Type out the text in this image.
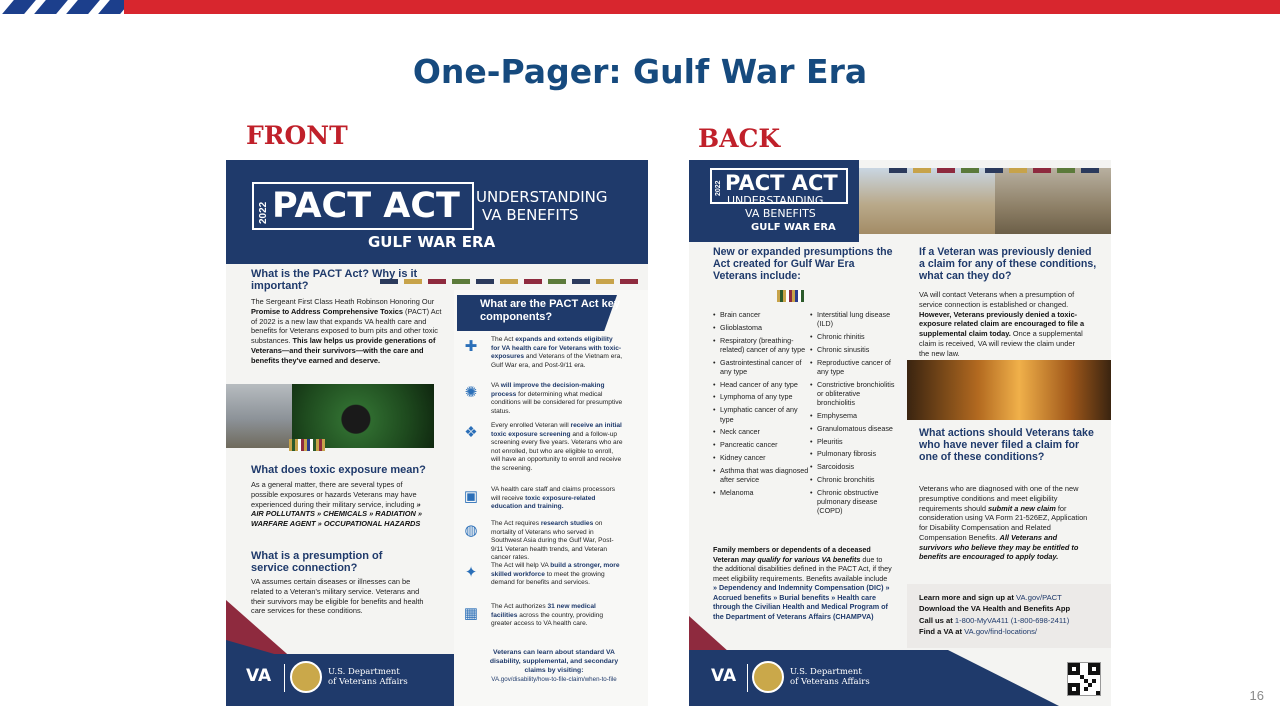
One-Pager: Gulf War Era
FRONT	BACK
2022 PACT ACT UNDERSTANDING
VA BENEFITS
GULF WAR ERA
What is the PACT Act? Why is it important?
The Sergeant First Class Heath Robinson Honoring Our Promise to Address Comprehensive Toxics (PACT) Act of 2022 is a new law that expands VA health care and benefits for Veterans exposed to burn pits and other toxic substances. This law helps us provide generations of Veterans—and their survivors—with the care and benefits they've earned and deserve.
What does toxic exposure mean?
As a general matter, there are several types of possible exposures or hazards Veterans may have experienced during their military service, including » AIR POLLUTANTS » CHEMICALS » RADIATION » WARFARE AGENT » OCCUPATIONAL HAZARDS
What is a presumption of service connection?
VA assumes certain diseases or illnesses can be related to a Veteran's military service. Veterans and their survivors may be eligible for benefits and health care services for these conditions.
What are the PACT Act key components?
✚	The Act expands and extends eligibility for VA health care for Veterans with toxic-exposures and Veterans of the Vietnam era, Gulf War era, and Post-9/11 era.
✺	VA will improve the decision-making process for determining what medical conditions will be considered for presumptive status.
❖	Every enrolled Veteran will receive an initial toxic exposure screening and a follow-up screening every five years. Veterans who are not enrolled, but who are eligible to enroll, will have an opportunity to enroll and receive the screening.
▣ VA health care staff and claims processors will receive toxic exposure-related education and training.
◍	The Act requires research studies on mortality of Veterans who served in Southwest Asia during the Gulf War, Post-9/11 Veteran health trends, and Veteran cancer rates.
✦	The Act will help VA build a stronger, more skilled workforce to meet the growing demand for benefits and services.
▦ The Act authorizes 31 new medical facilities across the country, providing greater access to VA health care.
Veterans can learn about standard VA disability, supplemental, and secondary claims by visiting:
VA.gov/disability/how-to-file-claim/when-to-file
VA	U.S. Department of Veterans Affairs
2022 PACT ACT
UNDERSTANDING
VA BENEFITS
GULF WAR ERA
New or expanded presumptions the Act created for Gulf War Era Veterans include:
• Brain cancer
• Glioblastoma
• Respiratory (breathing-related) cancer of any type
• Gastrointestinal cancer of any type
• Head cancer of any type
• Lymphoma of any type
• Lymphatic cancer of any type
• Neck cancer
• Pancreatic cancer
• Kidney cancer
• Asthma that was diagnosed after service
• Melanoma
• Interstitial lung disease (ILD)
• Chronic rhinitis
• Chronic sinusitis
• Reproductive cancer of any type
• Constrictive bronchiolitis or obliterative bronchiolitis
• Emphysema
• Granulomatous disease
• Pleuritis
• Pulmonary fibrosis
• Sarcoidosis
• Chronic bronchitis
• Chronic obstructive pulmonary disease (COPD)
Family members or dependents of a deceased Veteran may qualify for various VA benefits due to the additional disabilities defined in the PACT Act, if they meet eligibility requirements. Benefits available include » Dependency and Indemnity Compensation (DIC) » Accrued benefits » Burial benefits » Health care through the Civilian Health and Medical Program of the Department of Veterans Affairs (CHAMPVA)
If a Veteran was previously denied a claim for any of these conditions, what can they do?
VA will contact Veterans when a presumption of service connection is established or changed. However, Veterans previously denied a toxic-exposure related claim are encouraged to file a supplemental claim today. Once a supplemental claim is received, VA will review the claim under the new law.
What actions should Veterans take who have never filed a claim for one of these conditions?
Veterans who are diagnosed with one of the new presumptive conditions and meet eligibility requirements should submit a new claim for consideration using VA Form 21-526EZ, Application for Disability Compensation and Related Compensation Benefits. All Veterans and survivors who believe they may be entitled to benefits are encouraged to apply today.
Learn more and sign up at VA.gov/PACT
Download the VA Health and Benefits App
Call us at 1-800-MyVA411 (1-800-698-2411)
Find a VA at VA.gov/find-locations/
VA	U.S. Department of Veterans Affairs
16
